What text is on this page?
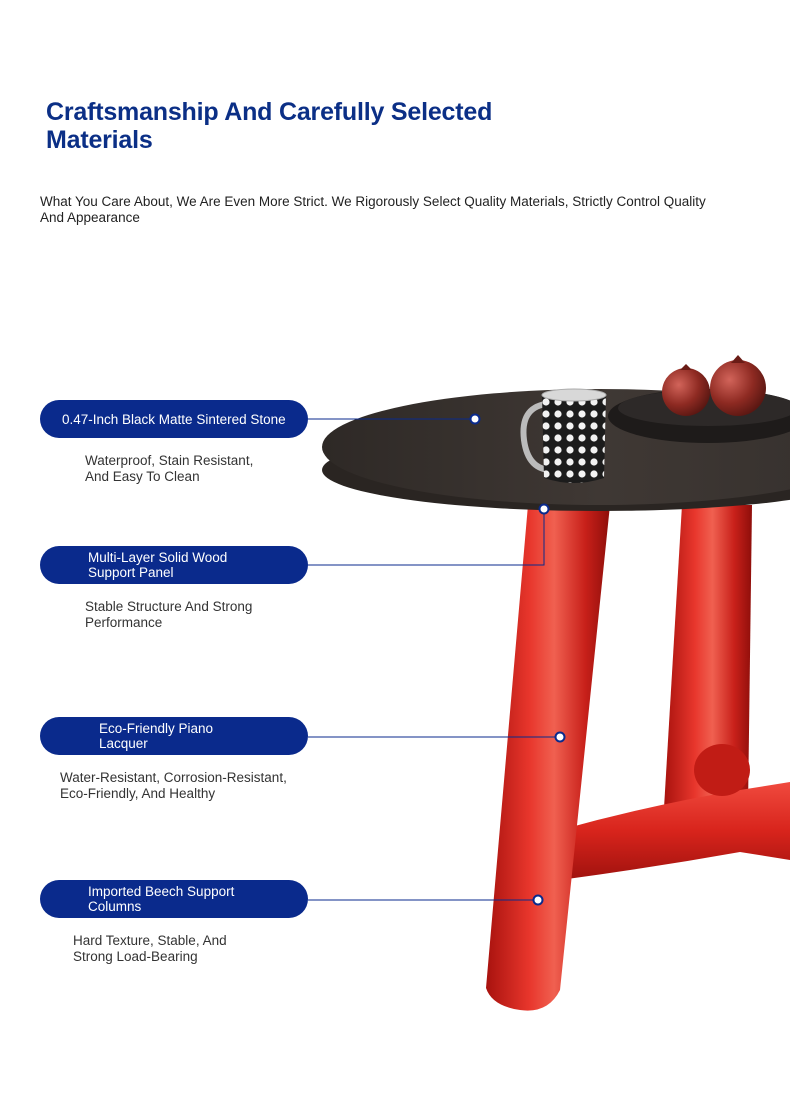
Craftsmanship And Carefully Selected
Materials
What You Care About, We Are Even More Strict. We Rigorously Select Quality Materials, Strictly Control Quality And Appearance
0.47-Inch Black Matte Sintered Stone
Waterproof, Stain Resistant,
And Easy To Clean
Multi-Layer Solid Wood
Support Panel
Stable Structure And Strong
Performance
Eco-Friendly Piano
Lacquer
Water-Resistant, Corrosion-Resistant,
Eco-Friendly, And Healthy
Imported Beech Support
Columns
Hard Texture, Stable, And
Strong Load-Bearing
